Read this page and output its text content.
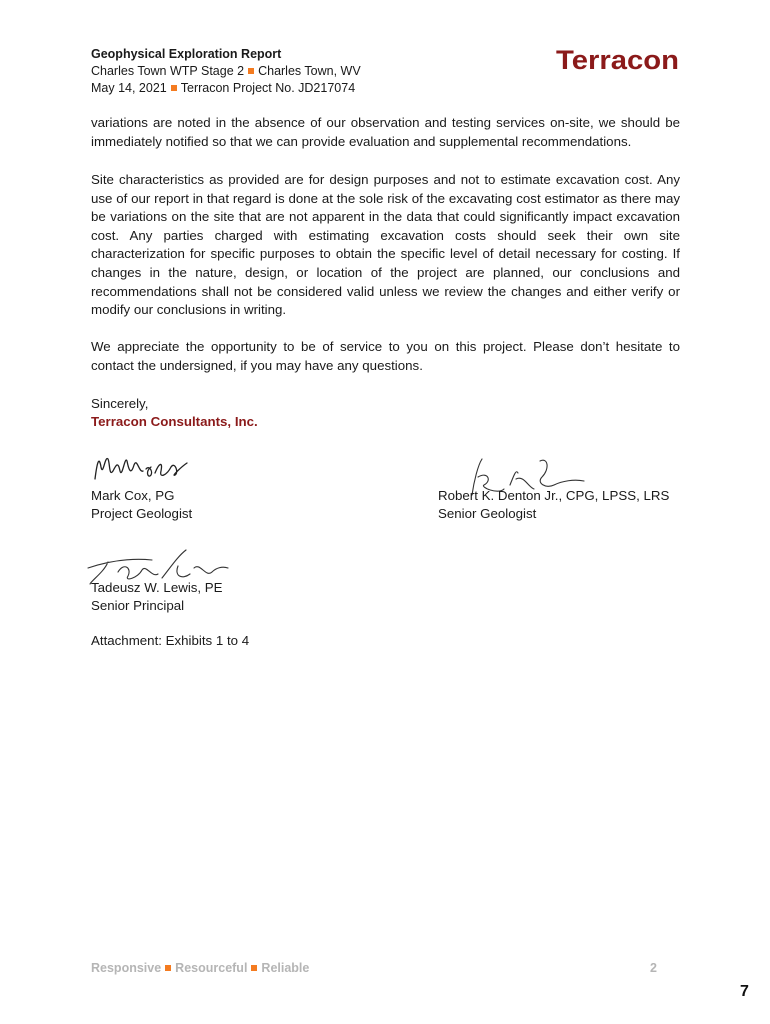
Geophysical Exploration Report
Charles Town WTP Stage 2 Charles Town, WV
May 14, 2021 Terracon Project No. JD217074
Terracon
variations are noted in the absence of our observation and testing services on-site, we should be immediately notified so that we can provide evaluation and supplemental recommendations.
Site characteristics as provided are for design purposes and not to estimate excavation cost. Any use of our report in that regard is done at the sole risk of the excavating cost estimator as there may be variations on the site that are not apparent in the data that could significantly impact excavation cost. Any parties charged with estimating excavation costs should seek their own site characterization for specific purposes to obtain the specific level of detail necessary for costing. If changes in the nature, design, or location of the project are planned, our conclusions and recommendations shall not be considered valid unless we review the changes and either verify or modify our conclusions in writing.
We appreciate the opportunity to be of service to you on this project. Please don’t hesitate to contact the undersigned, if you may have any questions.
Sincerely,
Terracon Consultants, Inc.
Mark Cox, PG
Project Geologist
Robert K. Denton Jr., CPG, LPSS, LRS
Senior Geologist
Tadeusz W. Lewis, PE
Senior Principal
Attachment: Exhibits 1 to 4
Responsive Resourceful Reliable	2
7
